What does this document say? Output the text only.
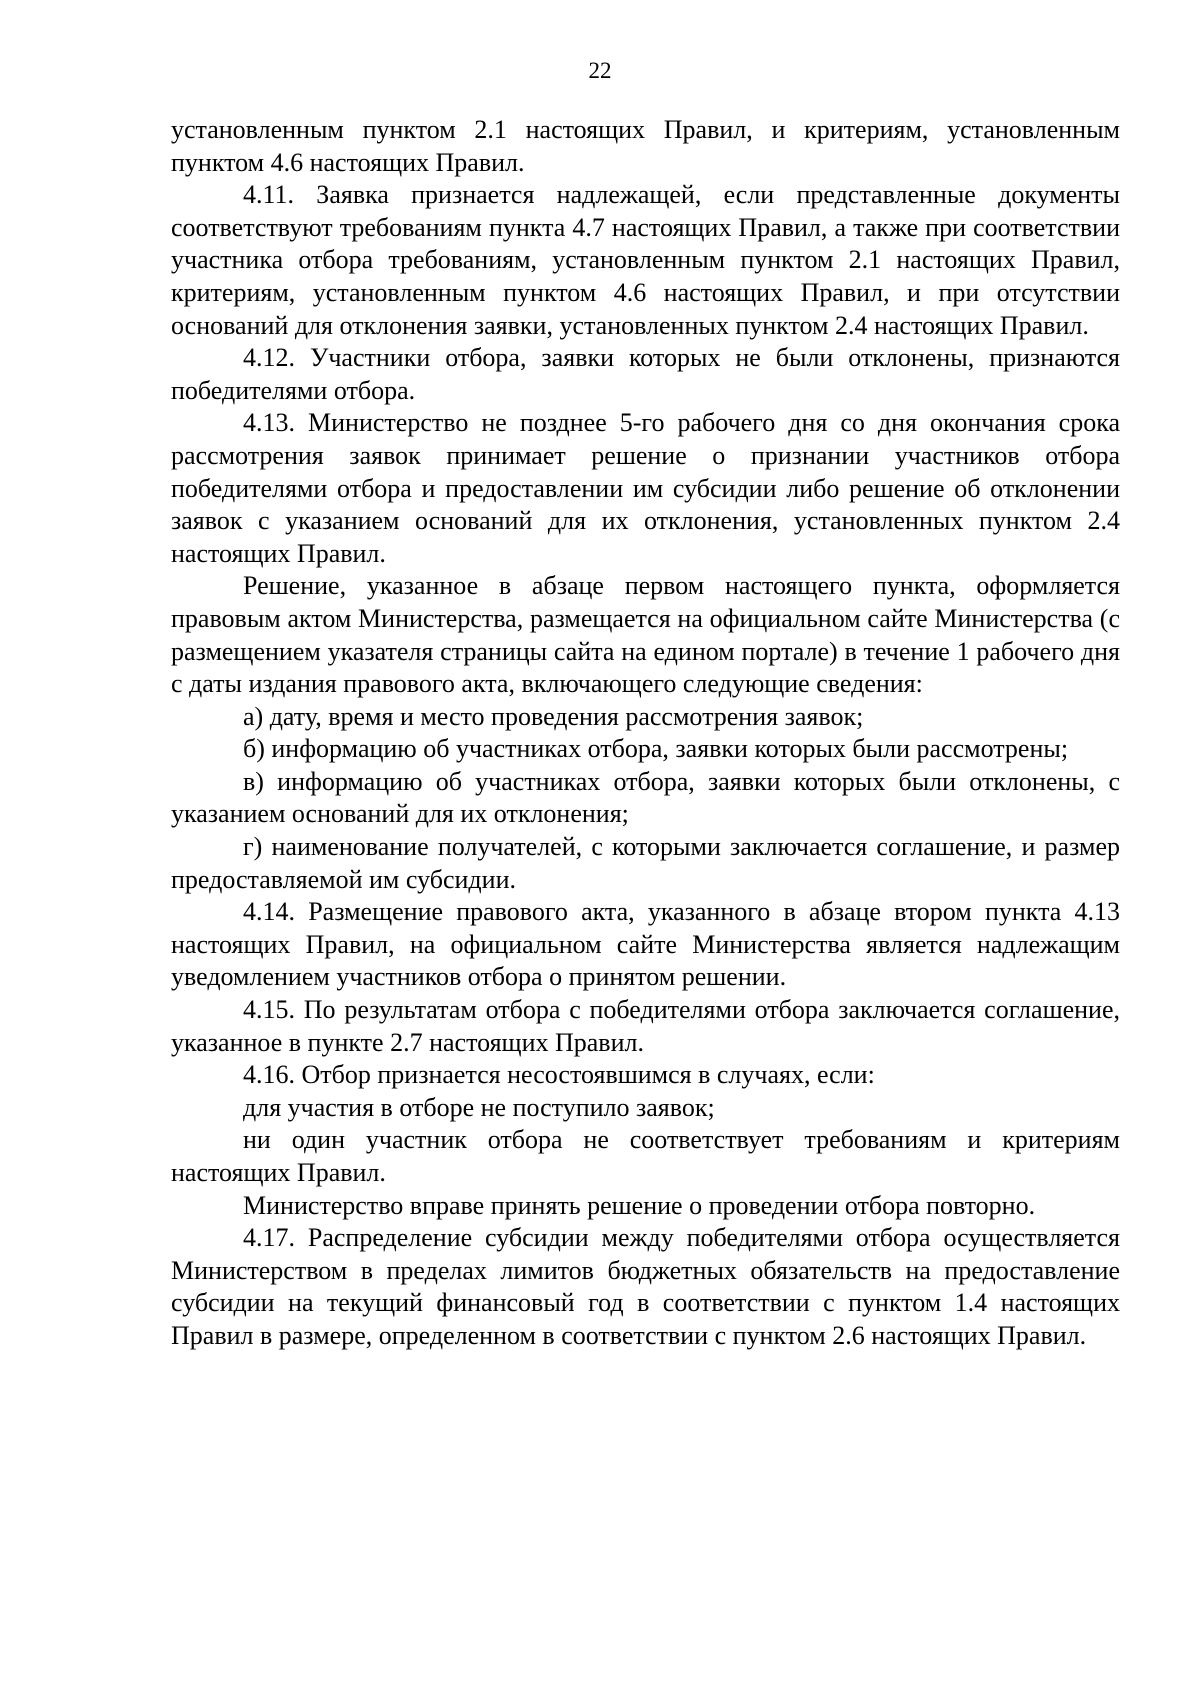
22

установленным пунктом 2.1 настоящих Правил, и критериям, установленным пунктом 4.6 настоящих Правил.

4.11. Заявка признается надлежащей, если представленные документы соответствуют требованиям пункта 4.7 настоящих Правил, а также при соответствии участника отбора требованиям, установленным пунктом 2.1 настоящих Правил, критериям, установленным пунктом 4.6 настоящих Правил, и при отсутствии оснований для отклонения заявки, установленных пунктом 2.4 настоящих Правил.

4.12. Участники отбора, заявки которых не были отклонены, признаются победителями отбора.

4.13. Министерство не позднее 5-го рабочего дня со дня окончания срока рассмотрения заявок принимает решение о признании участников отбора победителями отбора и предоставлении им субсидии либо решение об отклонении заявок с указанием оснований для их отклонения, установленных пунктом 2.4 настоящих Правил.

Решение, указанное в абзаце первом настоящего пункта, оформляется правовым актом Министерства, размещается на официальном сайте Министерства (с размещением указателя страницы сайта на едином портале) в течение 1 рабочего дня с даты издания правового акта, включающего следующие сведения:

а) дату, время и место проведения рассмотрения заявок;

б) информацию об участниках отбора, заявки которых были рассмотрены;

в) информацию об участниках отбора, заявки которых были отклонены, с указанием оснований для их отклонения;

г) наименование получателей, с которыми заключается соглашение, и размер предоставляемой им субсидии.

4.14. Размещение правового акта, указанного в абзаце втором пункта 4.13 настоящих Правил, на официальном сайте Министерства является надлежащим уведомлением участников отбора о принятом решении.

4.15. По результатам отбора с победителями отбора заключается соглашение, указанное в пункте 2.7 настоящих Правил.

4.16. Отбор признается несостоявшимся в случаях, если:

для участия в отборе не поступило заявок;

ни один участник отбора не соответствует требованиям и критериям настоящих Правил.

Министерство вправе принять решение о проведении отбора повторно.

4.17. Распределение субсидии между победителями отбора осуществляется Министерством в пределах лимитов бюджетных обязательств на предоставление субсидии на текущий финансовый год в соответствии с пунктом 1.4 настоящих Правил в размере, определенном в соответствии с пунктом 2.6 настоящих Правил.
